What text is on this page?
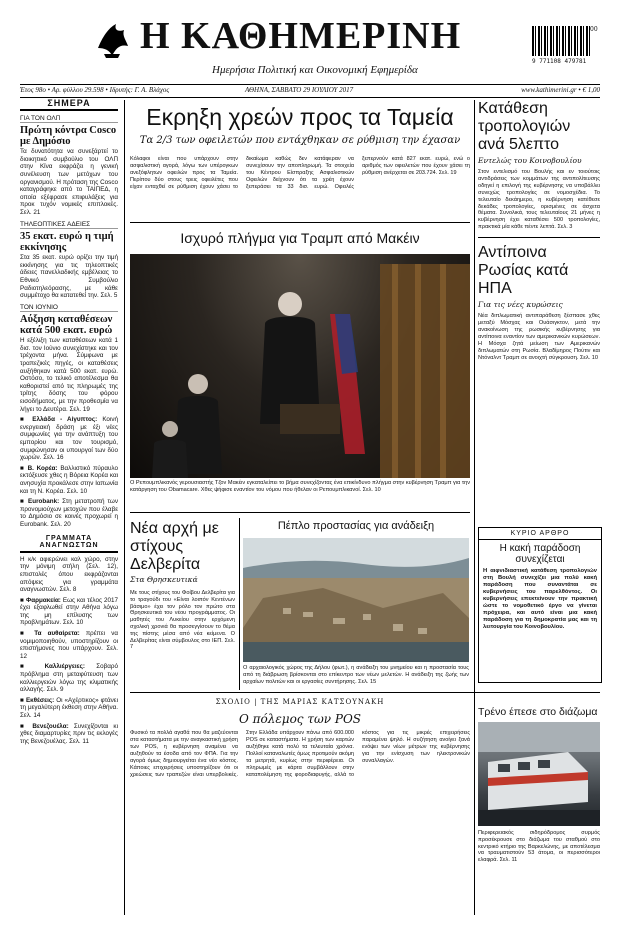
Η ΚΑΘΗΜΕΡΙΝΗ
Ημερήσια Πολιτική και Οικονομική Εφημερίδα
9 771108 479781
00
Έτος 98ο • Αρ. φύλλου 29.598 • Ιδρυτής: Γ. Α. Βλάχος	ΑΘΗΝΑ, ΣΑΒΒΑΤΟ 29 ΙΟΥΛΙΟΥ 2017	www.kathimerini.gr • € 1,00
ΣΗΜΕΡΑ
ΓΙΑ ΤΟΝ ΟΛΠ
Πρώτη κόντρα Cosco με Δημόσιο
Τα δυνατότητα να συνεξάρτεί το διοικητικό συμβούλιο του ΟΛΠ στην Κίνα εκφράζει η γενική συνέλευση των μετόχων του οργανισμού. Η πρόταση της Cosco καταγράφηκε από το ΤΑΙΠΕΔ, η οποία εξέφρασε επιφυλάξεις για προκ τυχόν νομικές επιπλοκές. Σελ. 21
ΤΗΛΕΟΠΤΙΚΕΣ ΑΔΕΙΕΣ
35 εκατ. ευρώ η τιμή εκκίνησης
Στα 35 εκατ. ευρώ ορίζει την τιμή εκκίνησης για τις τηλεοπτικές άδειες πανελλαδικής εμβέλειας το Εθνικό Συμβούλιο Ραδιοτηλεόρασης, με κάθε συμμέτοχο θα κατατεθεί την. Σελ. 5
ΤΟΝ ΙΟΥΝΙΟ
Αύξηση καταθέσεων κατά 500 εκατ. ευρώ
Η εξέλιξη των καταθέσεων κατά 1 δισ. τον Ιούνιο συνεχίστηκε και τον τρέχοντα μήνα. Σύμφωνα με τραπεζικές πηγές, οι καταθέσεις αυξήθηκαν κατά 500 εκατ. ευρώ. Οστόσο, το τελικό αποτέλεσμα θα καθοριστεί από τις πληρωμές της τρίτης δόσης του φόρου εισοδήματος, με την προθεσμία να λήγει το Δευτέρα. Σελ. 19
■ Ελλάδα - Αίγυπτος: Κοινή ενεργειακή δράση με έξι νέες συμφωνίες για την ανάπτυξη του εμπορίου και τον τουρισμό, συμφώνησαν οι υπουργοί των δύο χωρών. Σελ. 16
■ Β. Κορέα: Βαλλιστικό πύραυλο εκτόξευσε χθες η Βόρεια Κορέα και ανησυχία προκάλεσε στην Ιαπωνία και τη Ν. Κορέα. Σελ. 10
■ Eurobank: Στη μετατροπή των προνομιούχων μετοχών που έλαβε το Δημόσιο σε κοινές προχωρεί η Eurobank. Σελ. 20
ΓΡΑΜΜΑΤΑ ΑΝΑΓΝΩΣΤΩΝ
Η κ/κ αφιερώνει καλ χώρο, στην την μόνιμη στήλη (Σελ. 12), επιστολές όπου εκφράζονται απόψεις για γραμμάτα αναγνωστών. Σελ. 8
■ Φαρμακεία: Εως και τέλος 2017 έχει εξαφλωθεί στην Αθήνα λόγω της μη επίλυσης των προβλημάτων. Σελ. 10
■ Τα αυθαίρετα: πρέπει να νομιμοποιηθούν, υποστηρίζουν οι επιστήμονες που υπάρχουν. Σελ. 12
■ Καλλιέργειες: Σοβαρό πρόβλημα στη μεταφύτευση των καλλιεργειών λόγω της κλιματικής αλλαγής. Σελ. 9
■ Εκθέσεις: Οι «Αχέρτικος» φτάνει τη μεγαλύτερη έκθεση στην Αθήνα. Σελ. 14
■ Βενεζουέλα: Συνεχίζονται κι χθες διαμαρτυρίες πριν τις εκλογές της Βενεζουέλας. Σελ. 11
Εκρηξη χρεών προς τα Ταμεία
Τα 2/3 των οφειλετών που εντάχθηκαν σε ρύθμιση την έχασαν
Κόλαφοι είναι που υπάρχουν στην ασφαλιστική αγορά, λόγω των υπέρογκων ανεξόφλητων οφειλών προς τα Ταμεία. Περίπου δύο στους τρεις οφειλέτες που είχαν ενταχθεί σε ρύθμιση έχουν χάσει το δικαίωμα καθώς δεν κατάφεραν να συνεχίσουν την αποπληρωμή. Τα στοιχεία του Κέντρου Είσπραξης Ασφαλιστικών Οφειλών δείχνουν ότι τα χρέη έχουν ξεπεράσει τα 33 δισ. ευρώ. Οφειλές ξεπερνούν κατά 827 εκατ. ευρώ, ενώ ο αριθμός των οφειλετών που έχουν χάσει τη ρύθμιση ανέρχεται σε 203.724. Σελ. 19
Ισχυρό πλήγμα για Τραμπ από Μακέιν
Ο Ρεπουμπλικανός γερουσιαστής Τζον Μακέιν εγκαταλείπει το βήμα συνεχίζοντας ένα επικίνδυνο πλήγμα στην κυβέρνηση Τραμπ για την κατάργηση του Obamacare. Χθες ψήφισε εναντίον του νόμου που ήθελαν οι Ρεπουμπλικανοί. Σελ. 10
Κατάθεση τροπολογιών ανά 5λεπτο
Εντελώς του Κοινοβουλίου
Στον εντελισμό του Βουλής και εν τοιούτοις αντιδράσεις των κομμάτων της αντιπολίτευσης οδηγεί η επιλογή της κυβέρνησης να υποβάλλει συνεχώς τροπολογίες σε νομοσχέδια. Το τελευταίο δεκάημερο, η κυβέρνηση κατέθεσε δεκάδες τροπολογίες, ορισμένες σε άσχετα θέματα. Συνολικά, τους τελευταίους 21 μήνες η κυβέρνηση έχει καταθέσει 500 τροπολογίες, πρακτικά μία κάθε πέντε λεπτά. Σελ. 3
Αντίποινα Ρωσίας κατά ΗΠΑ
Για τις νέες κυρώσεις
Νέα διπλωματική αντιπαράθεση ξέσπασε χθες μεταξύ Μόσχας και Ουάσιγκτον, μετά την ανακοίνωση της ρωσικής κυβέρνησης για αντίποινα εναντίον των αμερικανικών κυρώσεων. Η Μόσχα ζητά μείωση των Αμερικανών διπλωματών στη Ρωσία. Βλαδίμηρος Πούτιν και Ντόναλντ Τραμπ σε ανοιχτή σύγκρουση. Σελ. 10
Νέα αρχή με στίχους Δελβερίτα
Στα Θρησκευτικά
Με τους στίχους του Φοίβου Δελβερίτα για το τραγούδι του «Είναι λοιπόν Κεντένων βάσιμο» έχει τον ρόλο τον πρώτο στα Θρησκευτικά του νέου προγράμματος. Οι μαθητές του Λυκείου στην ερχόμενη σχολική χρονιά θα προσεγγίσουν το θέμα της πίστης μέσα από νέα κείμενα. Ο Δελβερίτας είναι σύμβουλος στο ΙΕΠ. Σελ. 7
Πέπλο προστασίας για ανάδειξη
Ο αρχαιολογικός χώρος της Δήλου (φωτ.), η ανάδειξη του μνημείου και η προστασία τους από τη διάβρωση βρίσκονται στο επίκεντρο των νέων μελετών. Η ανάδειξη της ζωής των αρχαίων πολιτών και οι εργασίες συντήρησης. Σελ. 15
ΚΥΡΙΟ ΑΡΘΡΟ
Η κακή παράδοση συνεχίζεται
Η αιφνιδιαστική κατάθεση τροπολογιών στη Βουλή συνεχίζει μια πολύ κακή παράδοση που συναντάται σε κυβερνήσεις του παρελθόντος. Οι κυβερνήσεις επεκτείνουν την πρακτική ώστε το νομοθετικό έργο να γίνεται πρόχειρα, και αυτό είναι μια κακή παράδοση για τη δημοκρατία μας και τη λειτουργία του Κοινοβουλίου.
ΣΧΟΛΙΟ | ΤΗΣ ΜΑΡΙΑΣ ΚΑΤΣΟΥΝΑΚΗ
Ο πόλεμος των POS
Φυσικό τα πολλά αγαθά που θα μαζεύονται στα καταστήματα με την αναγκαστική χρήση των POS, η κυβέρνηση αναμένει να αυξηθούν τα έσοδα από τον ΦΠΑ. Για την αγορά όμως δημιουργείται ένα νέο κόστος. Κάποιες επιχειρήσεις υποστηρίζουν ότι οι χρεώσεις των τραπεζών είναι υπερβολικές. Στην Ελλάδα υπάρχουν πάνω από 600.000 POS σε καταστήματα. Η χρήση των καρτών αυξήθηκε κατά πολύ τα τελευταία χρόνια. Πολλοί καταναλωτές όμως προτιμούν ακόμη τα μετρητά, κυρίως στην περιφέρεια. Οι πληρωμές με κάρτα συμβάλλουν στην καταπολέμηση της φοροδιαφυγής, αλλά το κόστος για τις μικρές επιχειρήσεις παραμένει ψηλό. Η συζήτηση ανοίγει ξανά ενόψει των νέων μέτρων της κυβέρνησης για την ενίσχυση των ηλεκτρονικών συναλλαγών.
Τρένο έπεσε στο διάζωμα
Περιφερειακός σιδηρόδρομος συρμός προσέκρουσε στο διάζωμα του σταθμού στο κεντρικό κτήριο της Βαρκελώνης, με αποτέλεσμα να τραυματιστούν 53 άτομα, οι περισσότεροι ελαφρά. Σελ. 11
